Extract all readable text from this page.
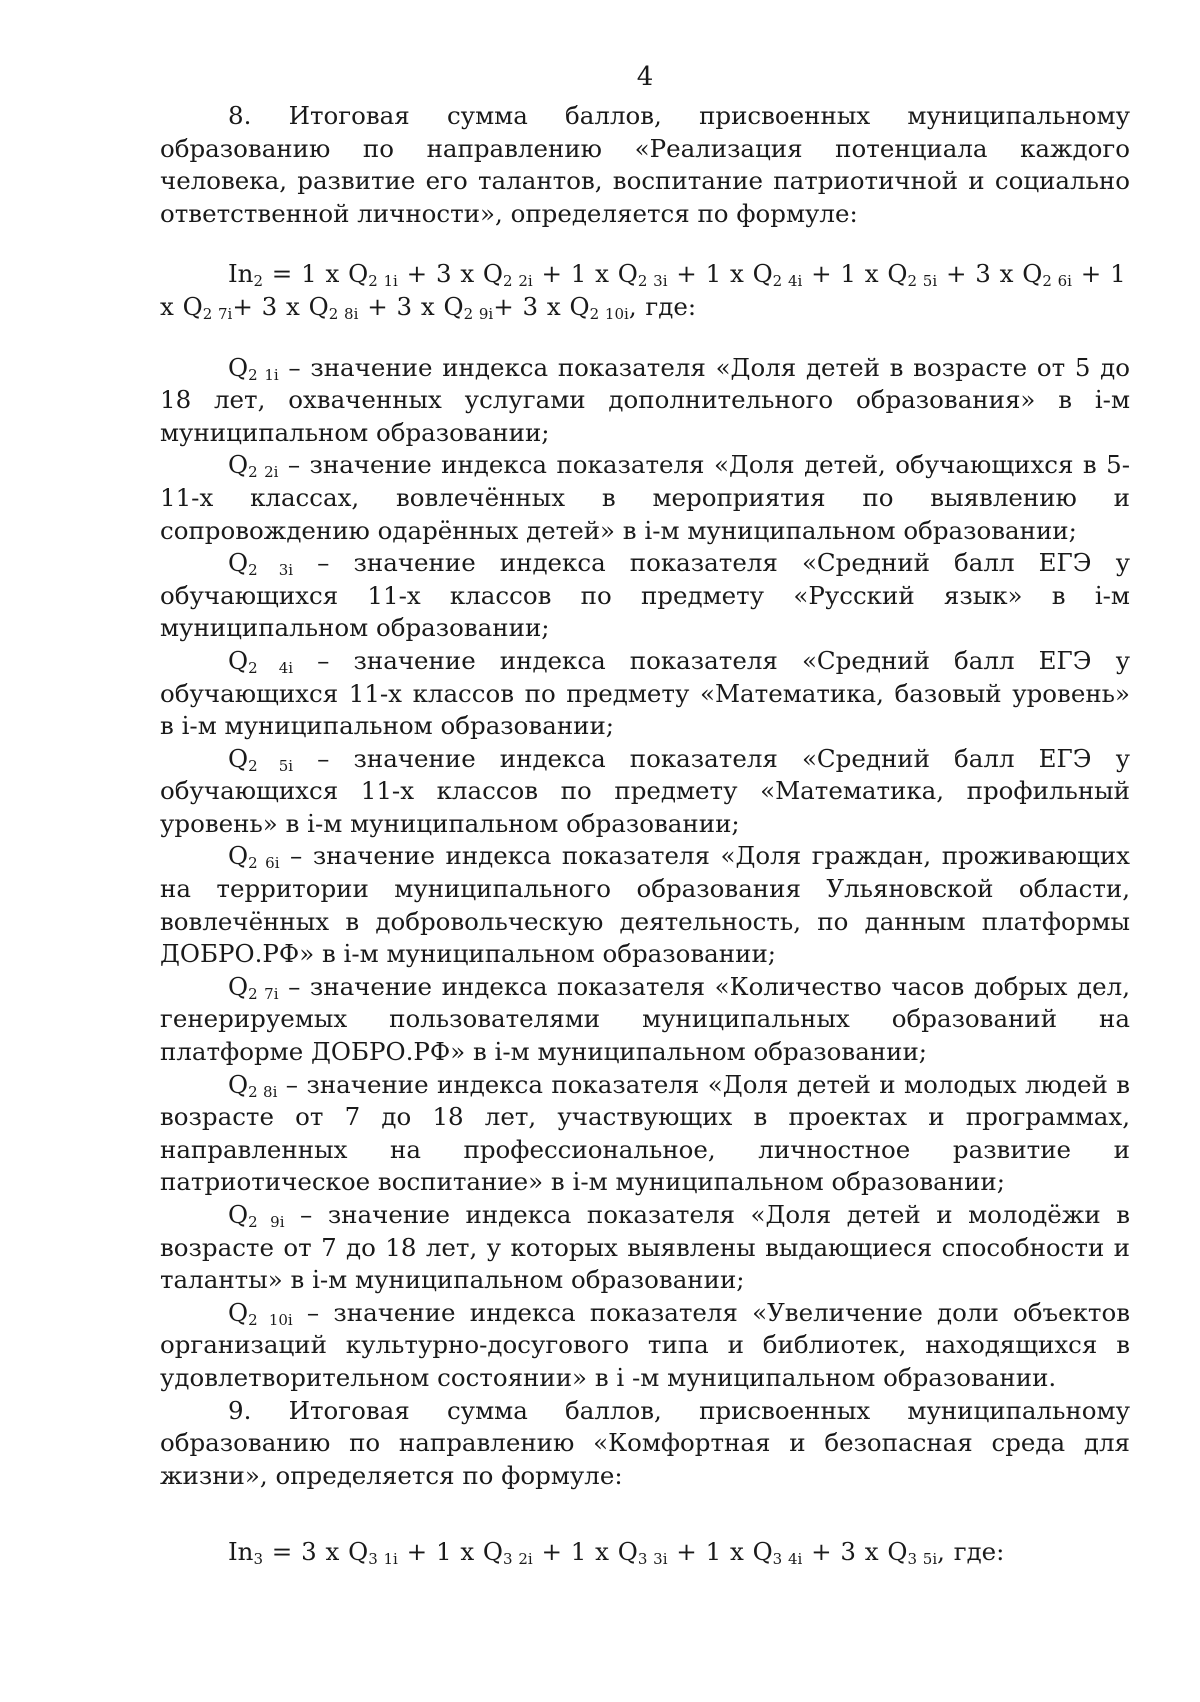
4

8. Итоговая сумма баллов, присвоенных муниципальному образованию по направлению «Реализация потенциала каждого человека, развитие его талантов, воспитание патриотичной и социально ответственной личности», определяется по формуле:

$In_2 = 1$ x $Q_{2 1i} + 3$ x $Q_{2 2i} + 1$ x $Q_{2 3i} + 1$ x $Q_{2 4i} + 1$ x $Q_{2 5i} + 3$ x $Q_{2 6i} + 1$ x $Q_{2 7i}+ 3$ x $Q_{2 8i} + 3$ x $Q_{2 9i}+ 3$ x $Q_{2 10i}$, где:

$Q_{2 1i}$ – значение индекса показателя «Доля детей в возрасте от 5 до 18 лет, охваченных услугами дополнительного образования» в i-м муниципальном образовании;

$Q_{2 2i}$ – значение индекса показателя «Доля детей, обучающихся в 5-11-х классах, вовлечённых в мероприятия по выявлению и сопровождению одарённых детей» в i-м муниципальном образовании;

$Q_{2 3i}$ – значение индекса показателя «Средний балл ЕГЭ у обучающихся 11-х классов по предмету «Русский язык» в i-м муниципальном образовании;

$Q_{2 4i}$ – значение индекса показателя «Средний балл ЕГЭ у обучающихся 11-х классов по предмету «Математика, базовый уровень» в i-м муниципальном образовании;

$Q_{2 5i}$ – значение индекса показателя «Средний балл ЕГЭ у обучающихся 11-х классов по предмету «Математика, профильный уровень» в i-м муниципальном образовании;

$Q_{2 6i}$ – значение индекса показателя «Доля граждан, проживающих на территории муниципального образования Ульяновской области, вовлечённых в добровольческую деятельность, по данным платформы ДОБРО.РФ» в i-м муниципальном образовании;

$Q_{2 7i}$ – значение индекса показателя «Количество часов добрых дел, генерируемых пользователями муниципальных образований на платформе ДОБРО.РФ» в i-м муниципальном образовании;

$Q_{2 8i}$ – значение индекса показателя «Доля детей и молодых людей в возрасте от 7 до 18 лет, участвующих в проектах и программах, направленных на профессиональное, личностное развитие и патриотическое воспитание» в i-м муниципальном образовании;

$Q_{2 9i}$ – значение индекса показателя «Доля детей и молодёжи в возрасте от 7 до 18 лет, у которых выявлены выдающиеся способности и таланты» в i-м муниципальном образовании;

$Q_{2 10i}$ – значение индекса показателя «Увеличение доли объектов организаций культурно-досугового типа и библиотек, находящихся в удовлетворительном состоянии» в i -м муниципальном образовании.

9. Итоговая сумма баллов, присвоенных муниципальному образованию по направлению «Комфортная и безопасная среда для жизни», определяется по формуле:

$In_3 = 3$ x $Q_{3 1i} + 1$ x $Q_{3 2i} + 1$ x $Q_{3 3i} + 1$ x $Q_{3 4i} + 3$ x $Q_{3 5i}$, где:
